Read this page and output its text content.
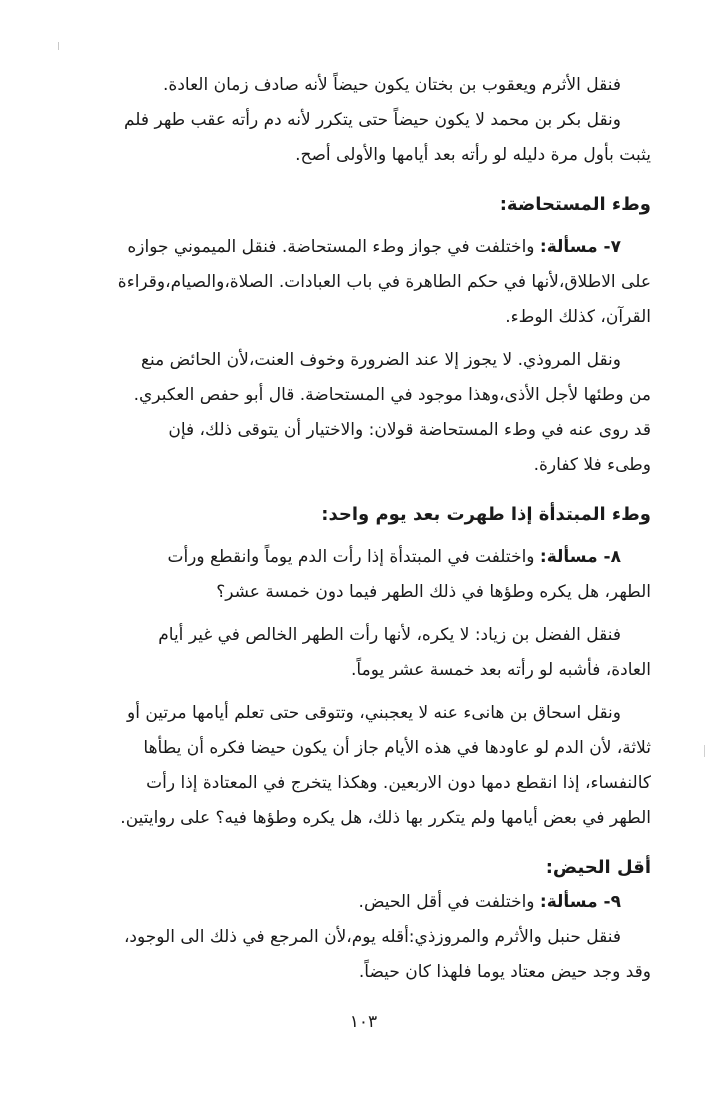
فنقل الأثرم ويعقوب بن بختان يكون حيضاً لأنه صادف زمان العادة.

ونقل بكر بن محمد لا يكون حيضاً حتى يتكرر لأنه دم رأته عقب طهر فلم

يثبت بأول مرة دليله لو رأته بعد أيامها والأولى أصح.

وطء المستحاضة:

٧- مسألة: واختلفت في جواز وطء المستحاضة. فنقل الميموني جوازه

على الاطلاق،لأنها في حكم الطاهرة في باب العبادات. الصلاة،والصيام،وقراءة

القرآن، كذلك الوطء.

ونقل المروذي. لا يجوز إلا عند الضرورة وخوف العنت،لأن الحائض منع

من وطئها لأجل الأذى،وهذا موجود في المستحاضة. قال أبو حفص العكبري.

قد روى عنه في وطء المستحاضة قولان: والاختيار أن يتوقى ذلك، فإن

وطىء فلا كفارة.

وطء المبتدأة إذا طهرت بعد يوم واحد:

٨- مسألة: واختلفت في المبتدأة إذا رأت الدم يوماً وانقطع ورأت

الطهر، هل يكره وطؤها في ذلك الطهر فيما دون خمسة عشر؟

فنقل الفضل بن زياد: لا يكره، لأنها رأت الطهر الخالص في غير أيام

العادة، فأشبه لو رأته بعد خمسة عشر يوماً.

ونقل اسحاق بن هانىء عنه لا يعجبني، وتتوقى حتى تعلم أيامها مرتين أو

ثلاثة، لأن الدم لو عاودها في هذه الأيام جاز أن يكون حيضا فكره أن يطأها

كالنفساء، إذا انقطع دمها دون الاربعين. وهكذا يتخرج في المعتادة إذا رأت

الطهر في بعض أيامها ولم يتكرر بها ذلك، هل يكره وطؤها فيه؟ على روايتين.

أقل الحيض:

٩- مسألة: واختلفت في أقل الحيض.

فنقل حنبل والأثرم والمروزذي:أقله يوم،لأن المرجع في ذلك الى الوجود،

وقد وجد حيض معتاد يوما فلهذا كان حيضاً.

١٠٣
